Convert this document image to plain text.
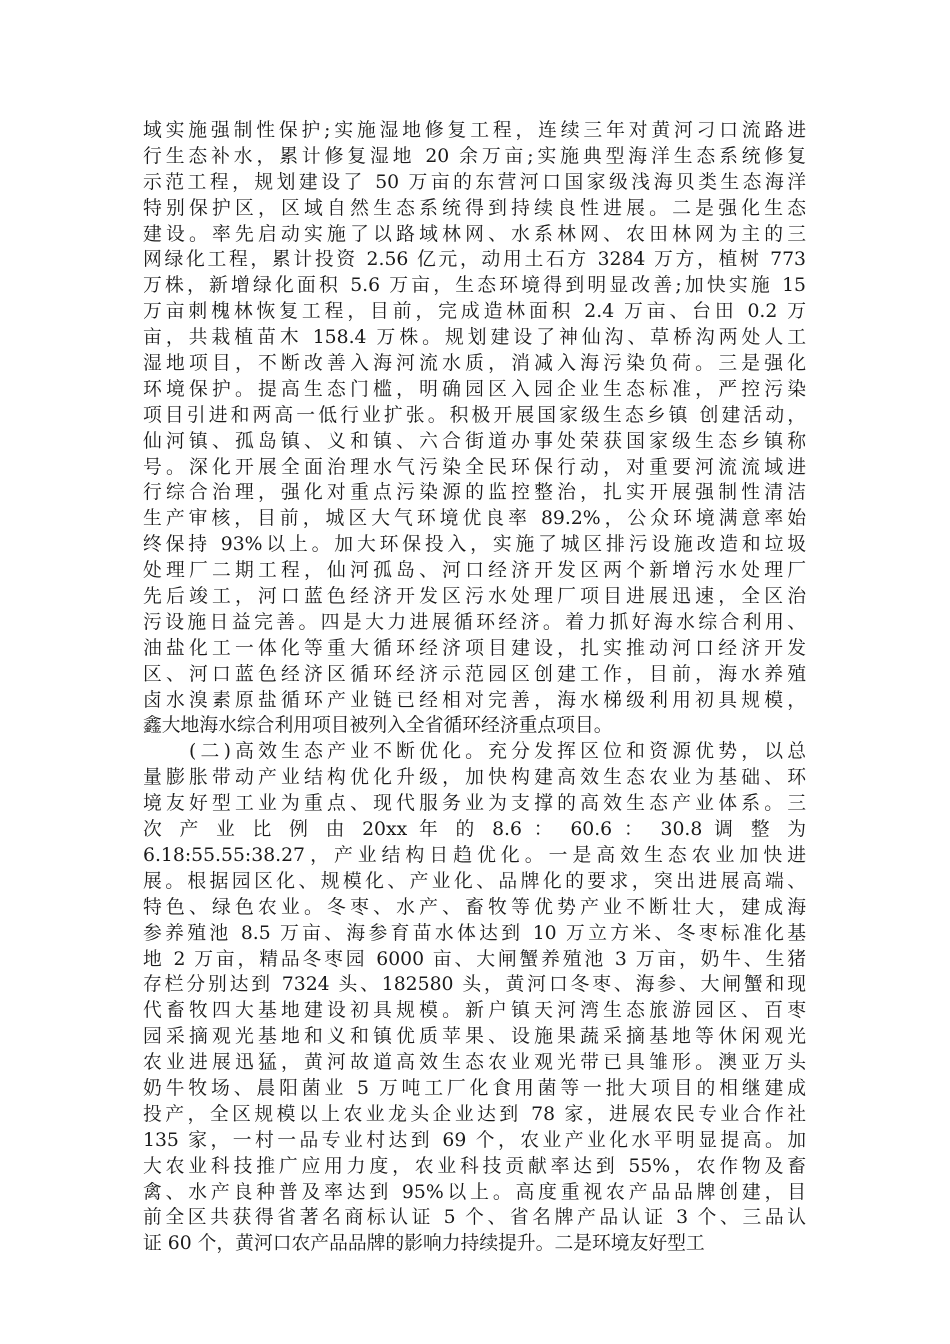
域实施强制性保护;实施湿地修复工程，连续三年对黄河刁口流路进
行生态补水，累计修复湿地 20 余万亩;实施典型海洋生态系统修复
示范工程，规划建设了 50 万亩的东营河口国家级浅海贝类生态海洋
特别保护区，区域自然生态系统得到持续良性进展。二是强化生态
建设。率先启动实施了以路域林网、水系林网、农田林网为主的三
网绿化工程，累计投资 2.56 亿元，动用土石方 3284 万方，植树 773
万株，新增绿化面积 5.6 万亩，生态环境得到明显改善;加快实施 15
万亩刺槐林恢复工程，目前，完成造林面积 2.4 万亩、台田 0.2 万
亩，共栽植苗木 158.4 万株。规划建设了神仙沟、草桥沟两处人工
湿地项目，不断改善入海河流水质，消减入海污染负荷。三是强化
环境保护。提高生态门槛，明确园区入园企业生态标准，严控污染
项目引进和两高一低行业扩张。积极开展国家级生态乡镇 创建活动，
仙河镇、孤岛镇、义和镇、六合街道办事处荣获国家级生态乡镇称
号。深化开展全面治理水气污染全民环保行动，对重要河流流域进
行综合治理，强化对重点污染源的监控整治，扎实开展强制性清洁
生产审核，目前，城区大气环境优良率 89.2%，公众环境满意率始
终保持 93%以上。加大环保投入，实施了城区排污设施改造和垃圾
处理厂二期工程，仙河孤岛、河口经济开发区两个新增污水处理厂
先后竣工，河口蓝色经济开发区污水处理厂项目进展迅速，全区治
污设施日益完善。四是大力进展循环经济。着力抓好海水综合利用、
油盐化工一体化等重大循环经济项目建设，扎实推动河口经济开发
区、河口蓝色经济区循环经济示范园区创建工作，目前，海水养殖
卤水溴素原盐循环产业链已经相对完善，海水梯级利用初具规模，
鑫大地海水综合利用项目被列入全省循环经济重点项目。
　　(二)高效生态产业不断优化。充分发挥区位和资源优势，以总
量膨胀带动产业结构优化升级，加快构建高效生态农业为基础、环
境友好型工业为重点、现代服务业为支撑的高效生态产业体系。三
次 产 业 比 例 由 20xx 年 的 8.6 ： 60.6 ： 30.8 调 整 为
6.18:55.55:38.27，产业结构日趋优化。一是高效生态农业加快进
展。根据园区化、规模化、产业化、品牌化的要求，突出进展高端、
特色、绿色农业。冬枣、水产、畜牧等优势产业不断壮大，建成海
参养殖池 8.5 万亩、海参育苗水体达到 10 万立方米、冬枣标准化基
地 2 万亩，精品冬枣园 6000 亩、大闸蟹养殖池 3 万亩，奶牛、生猪
存栏分别达到 7324 头、182580 头，黄河口冬枣、海参、大闸蟹和现
代畜牧四大基地建设初具规模。新户镇天河湾生态旅游园区、百枣
园采摘观光基地和义和镇优质苹果、设施果蔬采摘基地等休闲观光
农业进展迅猛，黄河故道高效生态农业观光带已具雏形。澳亚万头
奶牛牧场、晨阳菌业 5 万吨工厂化食用菌等一批大项目的相继建成
投产，全区规模以上农业龙头企业达到 78 家，进展农民专业合作社
135 家，一村一品专业村达到 69 个，农业产业化水平明显提高。加
大农业科技推广应用力度，农业科技贡献率达到 55%，农作物及畜
禽、水产良种普及率达到 95%以上。高度重视农产品品牌创建，目
前全区共获得省著名商标认证 5 个、省名牌产品认证 3 个、三品认
证 60 个，黄河口农产品品牌的影响力持续提升。二是环境友好型工
